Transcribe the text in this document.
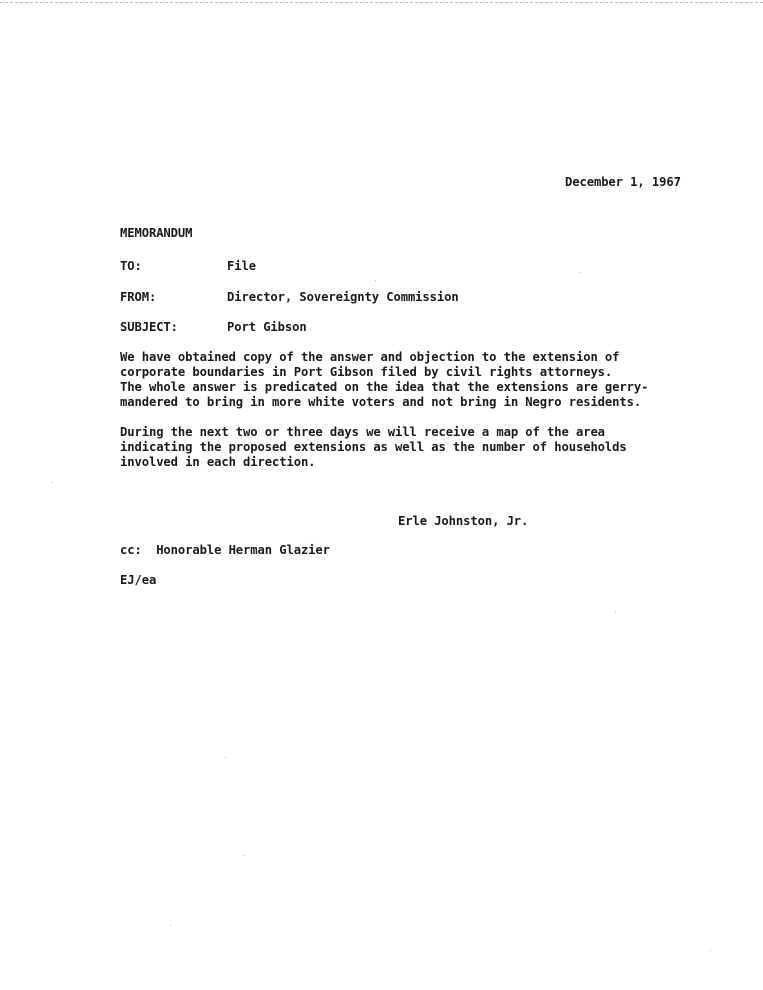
December 1, 1967
MEMORANDUM
TO:	File
FROM:	Director, Sovereignty Commission
SUBJECT:	Port Gibson

We have obtained copy of the answer and objection to the extension of
corporate boundaries in Port Gibson filed by civil rights attorneys.
The whole answer is predicated on the idea that the extensions are gerry-
mandered to bring in more white voters and not bring in Negro residents.

During the next two or three days we will receive a map of the area
indicating the proposed extensions as well as the number of households
involved in each direction.

Erle Johnston, Jr.
cc:  Honorable Herman Glazier
EJ/ea
